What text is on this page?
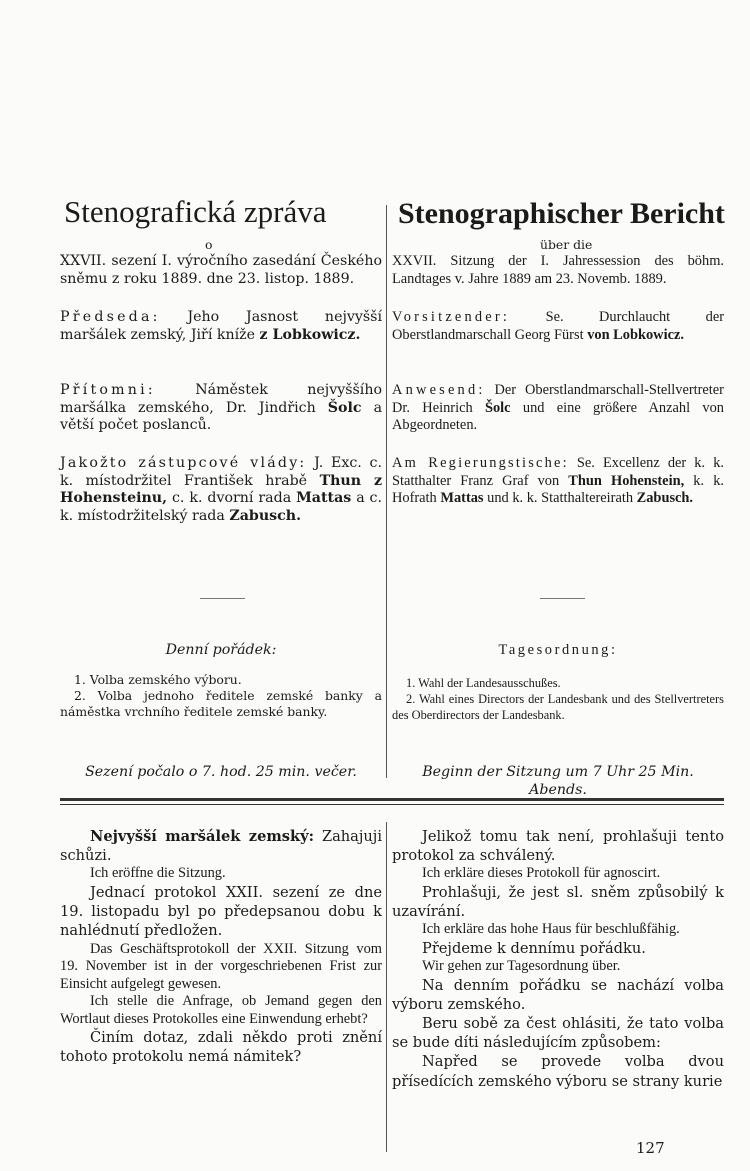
Stenografická zpráva Stenographischer Bericht
o	über die
XXVII. sezení I. výročního zasedání Českého sněmu z roku 1889. dne 23. listop. 1889.
XXVII. Sitzung der I. Jahressession des böhm. Landtages v. Jahre 1889 am 23. Novemb. 1889.
Předseda: Jeho Jasnost nejvyšší maršálek zemský, Jiří kníže z Lobkowicz.
Vorsitzender: Se. Durchlaucht der Oberstlandmarschall Georg Fürst von Lobkowicz.
Přítomni:	Náměstek nejvyššího maršálka zemského, Dr. Jindřich Šolc a větší počet poslanců.
Anwesend: Der Oberstlandmarschall-Stellvertreter Dr. Heinrich Šolc und eine größere Anzahl von Abgeordneten.
Jakožto zástupcové vlády: J. Exc. c. k. místodržitel František hrabě Thun z Hohensteinu, c. k. dvorní rada Mattas a c. k. místodržitelský rada Zabusch.
Am Regierungstische: Se. Excellenz der k. k. Statthalter Franz Graf von Thun Hohenstein, k. k. Hofrath Mattas und k. k. Statthaltereirath Zabusch.
Denní pořádek:	Tagesordnung:

1. Volba zemského výboru.

2. Volba jednoho ředitele zemské banky a náměstka vrchního ředitele zemské banky.

1. Wahl der Landesausschußes.

2. Wahl eines Directors der Landesbank und des Stellvertreters des Oberdirectors der Landesbank.

Sezení počalo o 7. hod. 25 min. večer.	Beginn der Sitzung um 7 Uhr 25 Min. Abends.

Nejvyšší maršálek zemský: Zahajuji schůzi.

Ich eröffne die Sitzung.

Jednací protokol XXII. sezení ze dne 19. listopadu byl po předepsanou dobu k nahlédnutí předložen.

Das Geschäftsprotokoll der XXII. Sitzung vom 19. November ist in der vorgeschriebenen Frist zur Einsicht aufgelegt gewesen.

Ich stelle die Anfrage, ob Jemand gegen den Wortlaut dieses Protokolles eine Einwendung erhebt?

Činím dotaz, zdali někdo proti znění tohoto protokolu nemá námitek?

Jelikož tomu tak není, prohlašuji tento protokol za schválený.

Ich erkläre dieses Protokoll für agnoscirt.

Prohlašuji, že jest sl. sněm způsobilý k uzavírání.

Ich erkläre das hohe Haus für beschlußfähig.

Přejdeme k dennímu pořádku.

Wir gehen zur Tagesordnung über.

Na denním pořádku se nachází volba výboru zemského.

Beru sobě za čest ohlásiti, že tato volba se bude díti následujícím způsobem:

Napřed se provede volba dvou přísedících zemského výboru se strany kurie

127
